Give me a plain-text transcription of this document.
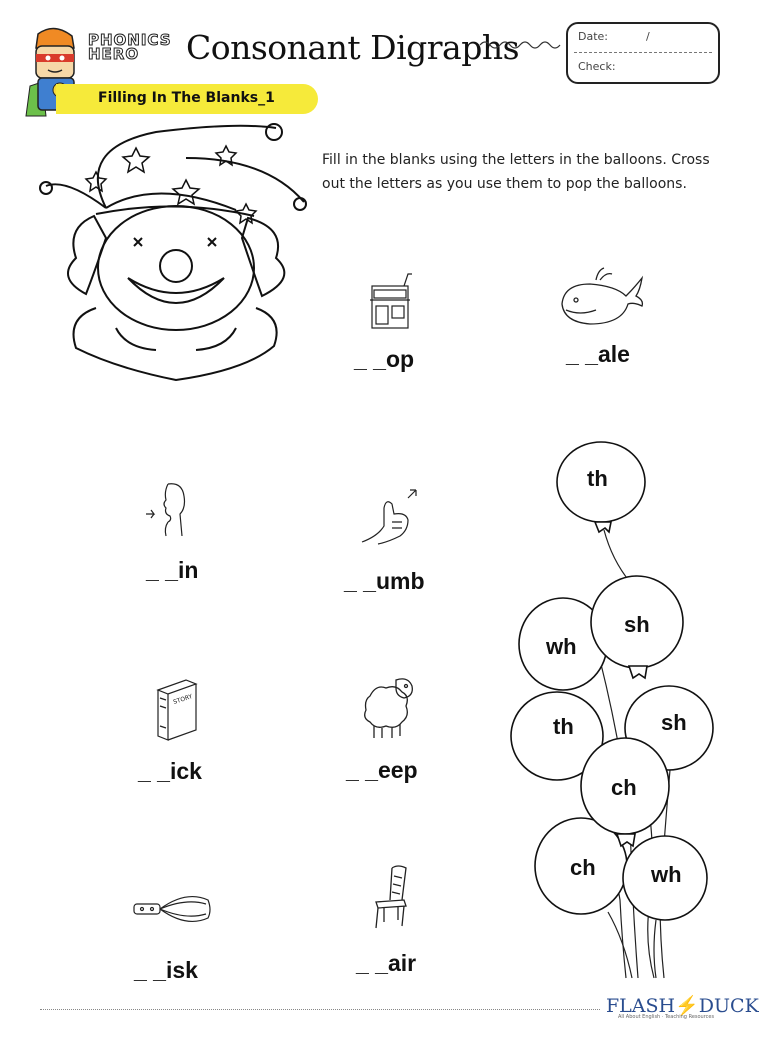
PHONICS
HERO	Consonant Digraphs	Date:	/
Check:
Filling In The Blanks_1
Fill in the blanks using the letters in the balloons. Cross out the letters as you use them to pop the balloons.
_ _op	_ _ale
_ _in	_ _umb
STORY
_ _ick	_ _eep
_ _isk	_ _air
th
sh
wh
th	sh
ch
ch	wh
FLASH⚡DUCK
All About English · Teaching Resources
